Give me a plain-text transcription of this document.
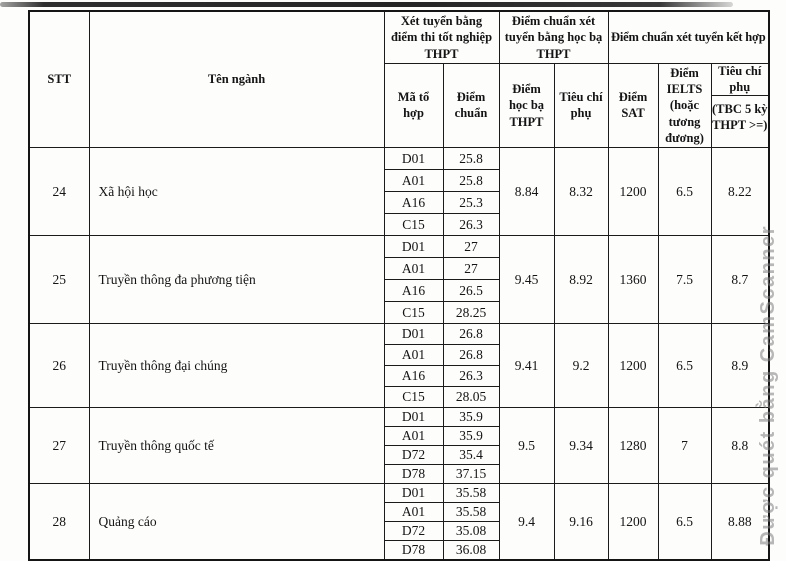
STT	Tên ngành	Xét tuyển bằng điểm thi tốt nghiệp THPT		Điểm chuẩn xét tuyển bằng học bạ THPT		Điểm chuẩn xét tuyển kết hợp		
		Mã tổ hợp	Điểm chuẩn	Điểm học bạ THPT	Tiêu chí phụ	Điểm SAT	Điểm IELTS (hoặc tương đương)	Tiêu chí phụ
(TBC 5 kỳ THPT >=)

24	Xã hội học	D01	25.8	8.84	8.32	1200	6.5	8.22
		A01	25.8					
		A16	25.3					
		C15	26.3					
25	Truyền thông đa phương tiện	D01	27	9.45	8.92	1360	7.5	8.7
		A01	27					
		A16	26.5					
		C15	28.25					
26	Truyền thông đại chúng	D01	26.8	9.41	9.2	1200	6.5	8.9
		A01	26.8					
		A16	26.3					
		C15	28.05					
27	Truyền thông quốc tế	D01	35.9	9.5	9.34	1280	7	8.8
		A01	35.9					
		D72	35.4					
		D78	37.15					
28	Quảng cáo	D01	35.58	9.4	9.16	1200	6.5	8.88
		A01	35.58					
		D72	35.08					
		D78	36.08					
Được quét bằng CamScanner
